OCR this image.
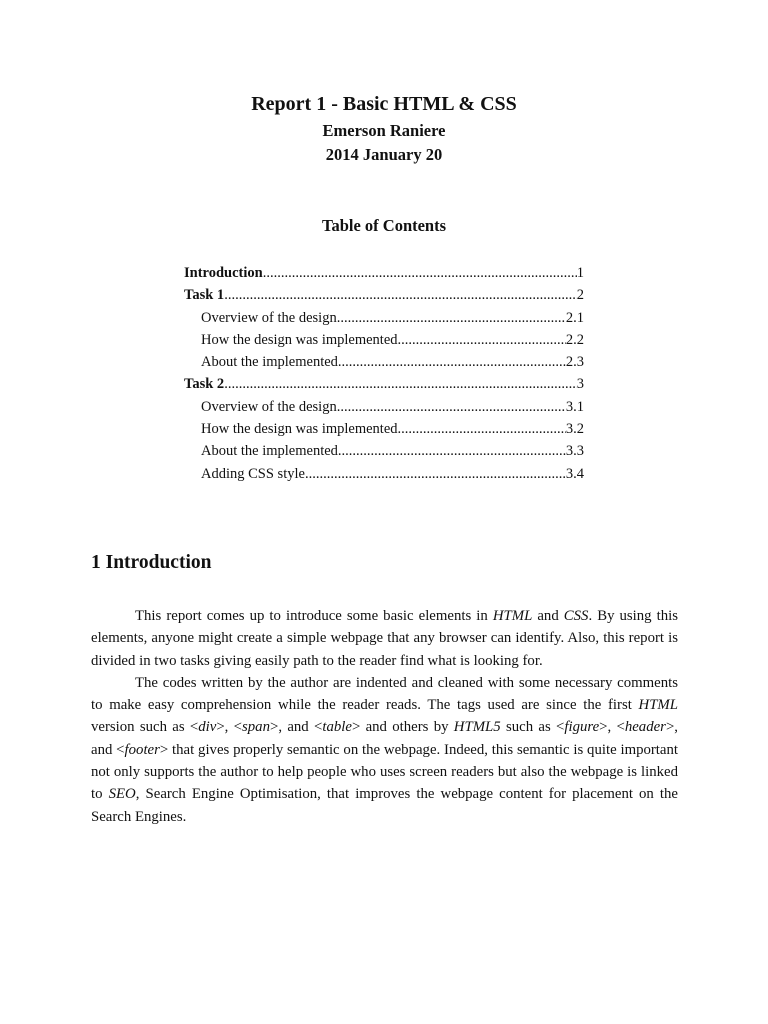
Report 1 - Basic HTML & CSS
Emerson Raniere
2014 January 20
Table of Contents
Introduction .....	1
Task 1 .....	2
Overview of the design .....	2.1
How the design was implemented .....	2.2
About the implemented .....	2.3
Task 2 .....	3
Overview of the design .....	3.1
How the design was implemented .....	3.2
About the implemented .....	3.3
Adding CSS style .....	3.4
1 Introduction

This report comes up to introduce some basic elements in HTML and CSS. By using this elements, anyone might create a simple webpage that any browser can identify. Also, this report is divided in two tasks giving easily path to the reader find what is looking for.

The codes written by the author are indented and cleaned with some necessary comments to make easy comprehension while the reader reads. The tags used are since the first HTML version such as <div>, <span>, and <table> and others by HTML5 such as <figure>, <header>, and <footer> that gives properly semantic on the webpage. Indeed, this semantic is quite important not only supports the author to help people who uses screen readers but also the webpage is linked to SEO, Search Engine Optimisation, that improves the webpage content for placement on the Search Engines.
